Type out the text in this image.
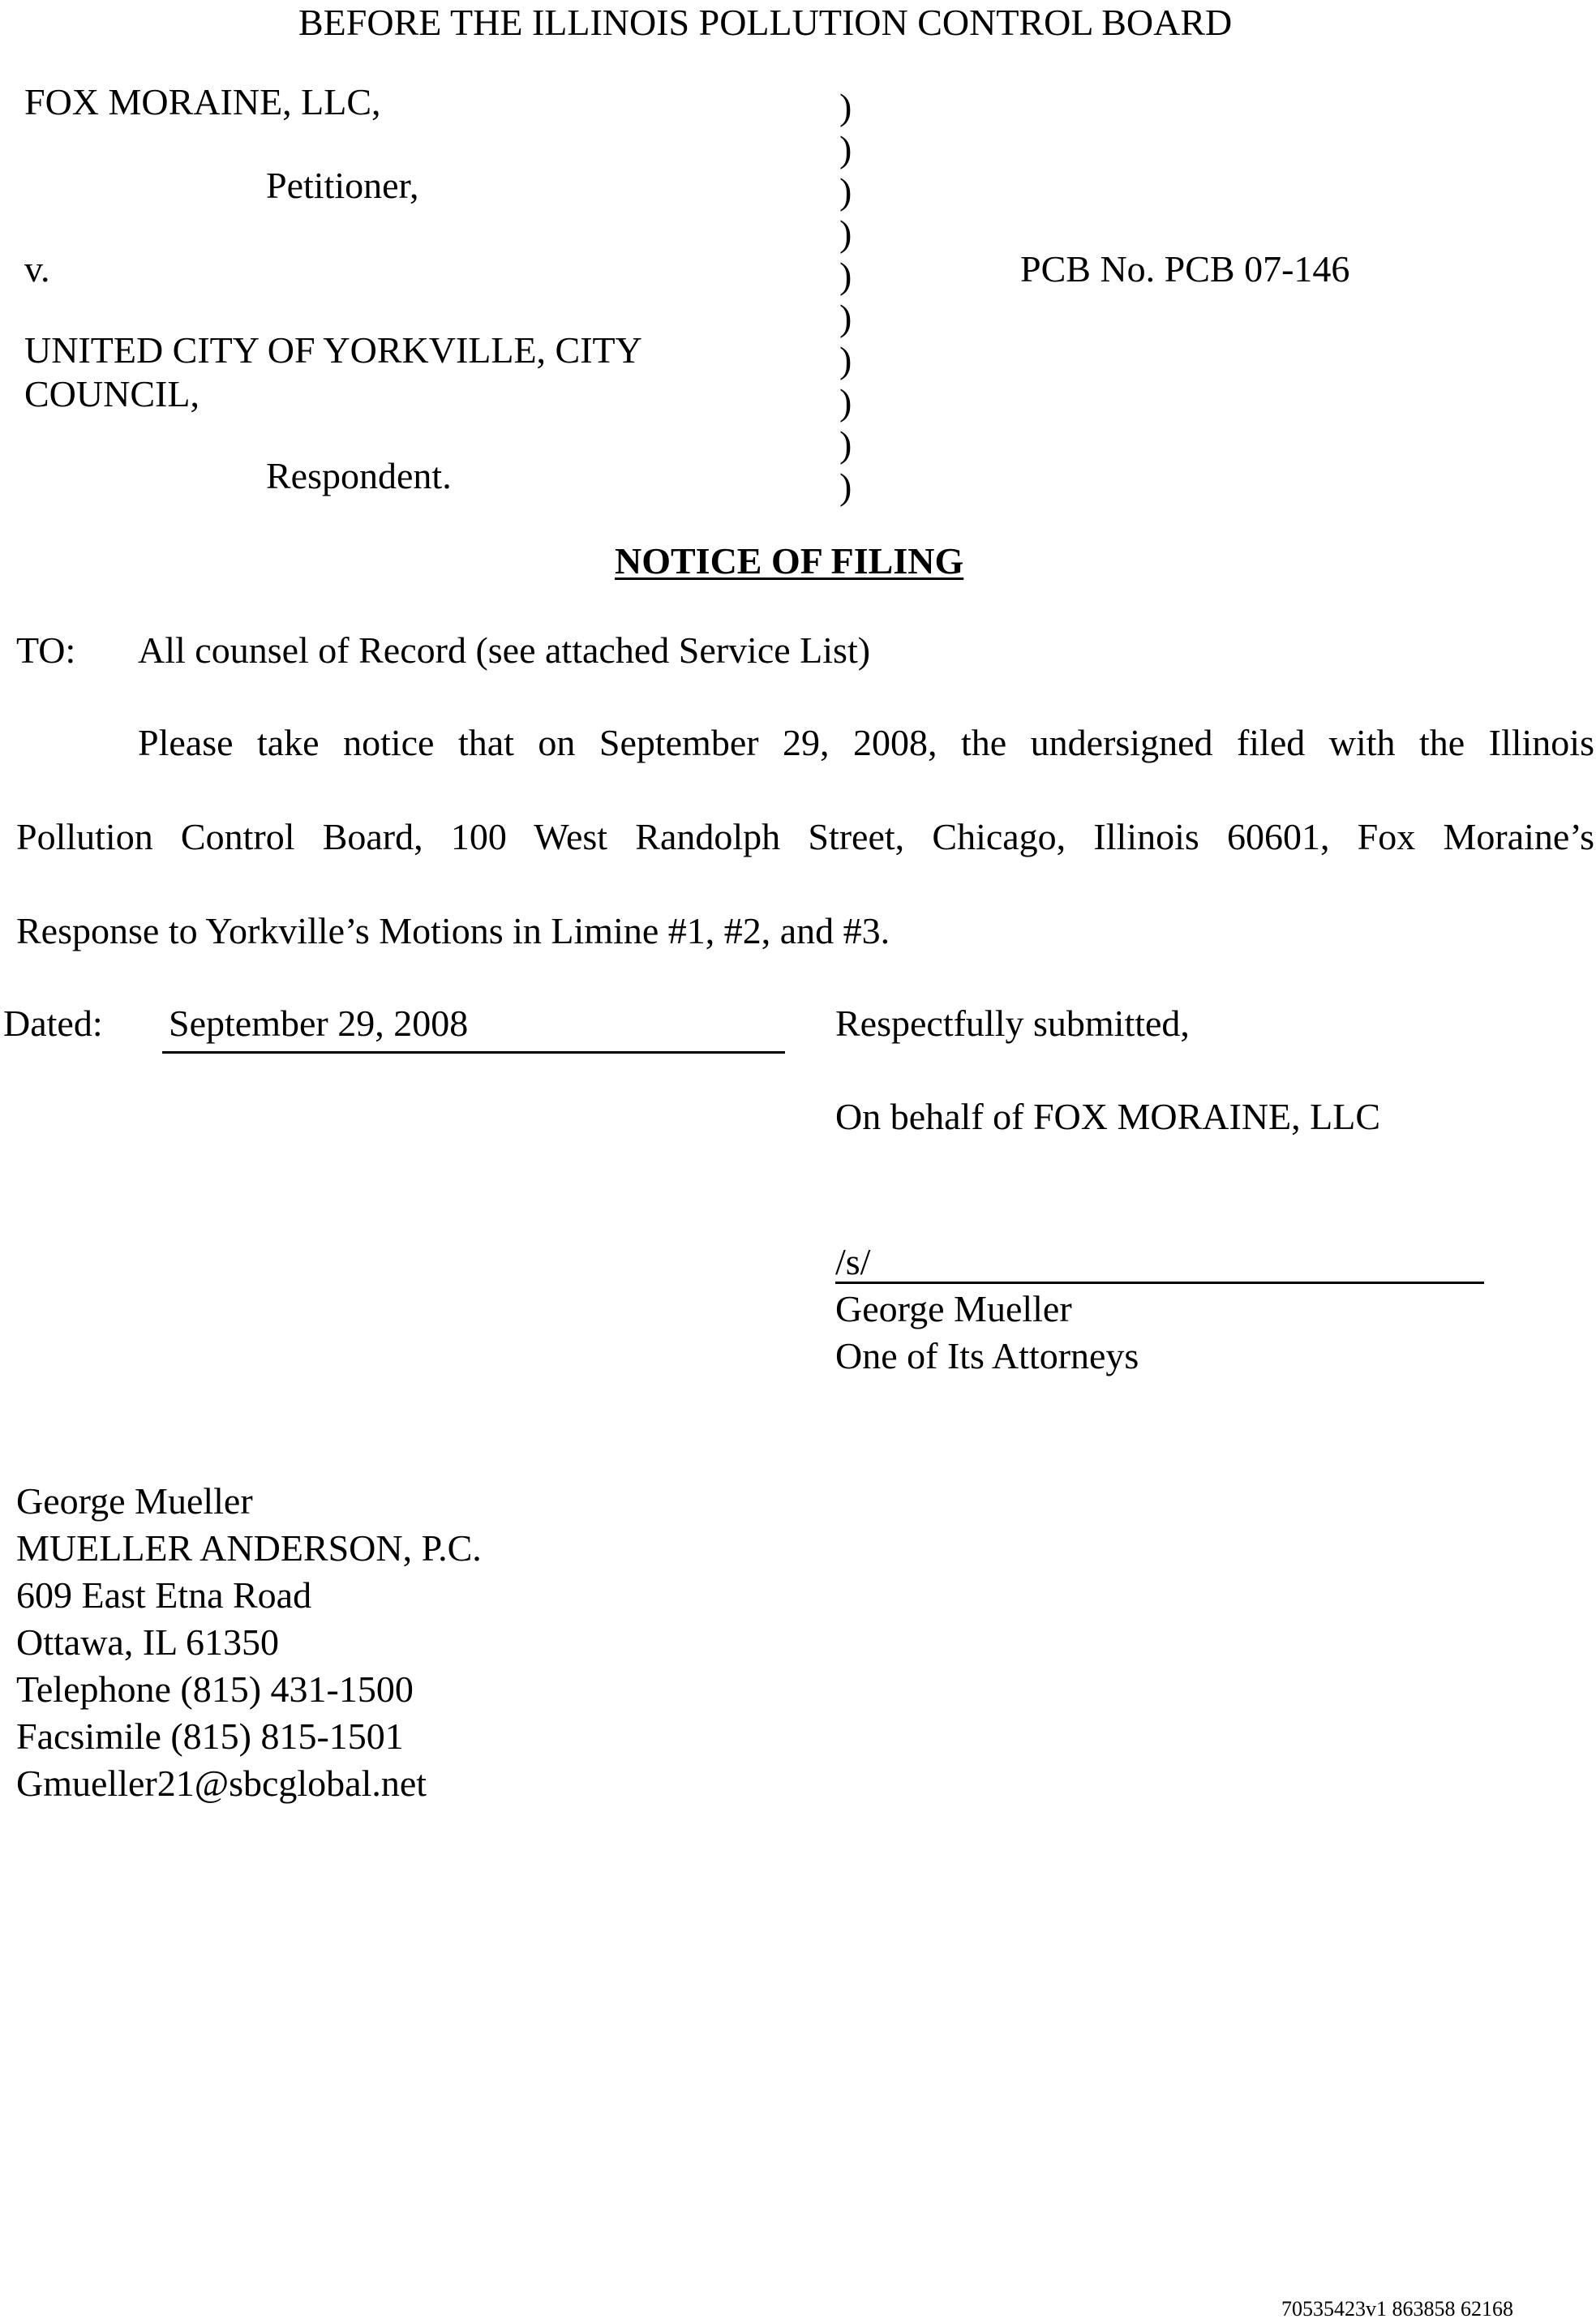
BEFORE THE ILLINOIS POLLUTION CONTROL BOARD
FOX MORAINE, LLC,
Petitioner,
v.
UNITED CITY OF YORKVILLE, CITY
COUNCIL,
Respondent.
)
)
)
)
)
)
)
)
)
)
PCB No. PCB 07-146
NOTICE OF FILING
TO: All counsel of Record (see attached Service List)
Please take notice that on September 29, 2008, the undersigned filed with the Illinois
Pollution Control Board, 100 West Randolph Street, Chicago, Illinois 60601, Fox Moraine’s
Response to Yorkville’s Motions in Limine #1, #2, and #3.
Dated: September 29, 2008	Respectfully submitted,
On behalf of FOX MORAINE, LLC
/s/
George Mueller
One of Its Attorneys
George Mueller
MUELLER ANDERSON, P.C.
609 East Etna Road
Ottawa, IL 61350
Telephone (815) 431-1500
Facsimile (815) 815-1501
Gmueller21@sbcglobal.net
70535423v1 863858 62168
